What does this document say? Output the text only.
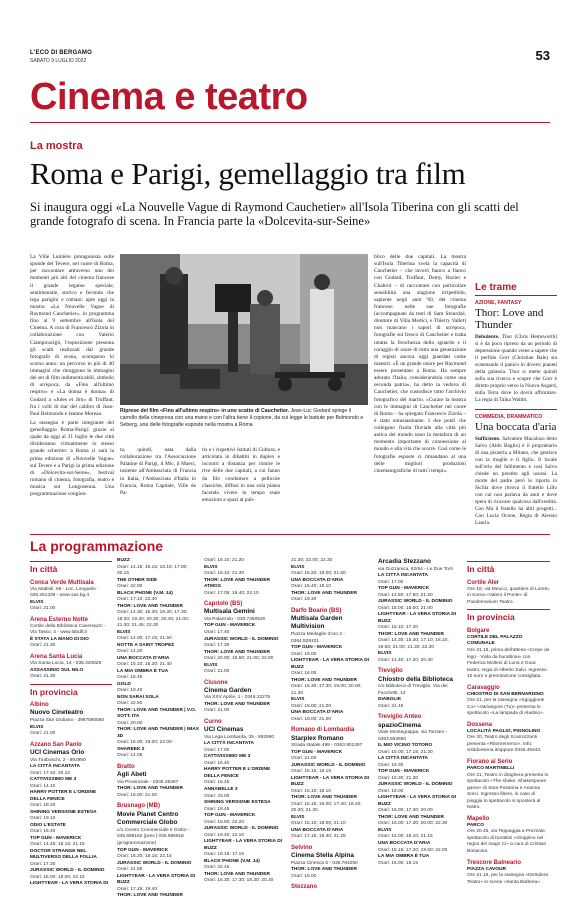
L'ECO DI BERGAMO
SABATO 9 LUGLIO 2022	53
Cinema e teatro
La mostra
Roma e Parigi, gemellaggio tra film
Si inaugura oggi «La Nouvelle Vague di Raymond Cauchetier» all'Isola Tiberina con gli scatti del grande fotografo di scena. In Francia parte la «Dolcevita-sur-Seine»

La Ville Lumière protagonista sulle sponde del Tevere, nel cuore di Roma, per raccontare attraverso uno dei momenti più alti del cinema francese il grande legame speciale, sentimentale, storico e fecondo che lega parigini e romani: apre oggi la mostra «La Nouvelle Vague di Raymond Cauchetier», in programma fino al 9 settembre all'Isola del Cinema. A cura di Francesco Zizola in collaborazione con Valerio Ciampicacigli, l'esposizione presenta gli scatti realizzati dal grande fotografo di scena, scomparso lo scorso anno: un percorso in più di 40 immagini che ritraggono le immagini dei set di film indimenticabili, simbolo di un'epoca, da «Fino all'ultimo respiro» e «La donna è donna» di Godard a «Jules et Jim» di Truffaut, fra i volti di star del calibro di Jean-Paul Belmondo e Jeanne Moreau.

La rassegna è parte integrante del gemellaggio Roma-Parigi: grazie al quale da oggi al 31 luglio le due città divideranno virtualmente lo stesso grande schermo: a Roma ci sarà la prima edizione di «Nouvelle Vague» sul Tevere e a Parigi la prima edizione di «Dolcevita-sur-Seine», festival romano di cinema, fotografia, teatro e musica sul Lungosenna. Una programmazione congiun-

Riprese del film «Fino all'ultimo respiro» in uno scatto di Cauchetier. Jean-Luc Godard spinge il carrello della cinepresa con una mano e con l'altra tiene il copione, da cui legge le battute per Belmondo e Seberg, una delle fotografie esposte nella mostra a Roma

ta, quindi, nata dalla collaborazione tra l'Associazione Palatine di Parigi, il Mic, il Maeci, insieme all'Ambasciata di Francia in Italia, l'Ambasciata d'Italia in Francia, Roma Capitale, Ville de Pa-

ris e i rispettivi Istituti di Cultura, e articolata in dibattiti in duplex e incontri a distanza per riunire le rive delle due capitali, a cui fanno da filo conduttore a pellicole classiche, diffusi in una sola platea facendo vivere in tempo reale emozioni e spazi al pub-

blico delle due capitali. La mostra sull'Isola Tiberina svela la capacità di Cauchetier – che lavorò fianco a fianco con Godard, Truffaut, Demy, Rozier e Chabrol – di raccontare con particolare sensibilità una stagione irripetibile, sapiente negli anni '60, del cinema francese: nelle sue fotografie (accompagnate da testi di Sam Stourdzé, direttore di Villa Medici, e Thierry Vallet) non mancano i sapori di un'epoca, fotografie sul fresco di Cauchetier e tratta intatta la freschezza dello sguardo e il coraggio di osare di tutta una generazione di registi ancora oggi guardati come maestri. «È un grande onore per Raymond essere presentato a Roma. Ha sempre adorato l'Italia, considerandola come una seconda patria», ha detto la vedova di Cauchetier, che custodisce tutto l'archivio fotografico del marito. «Curare la mostra con le immagini di Cauchetier nel cuore di Roma – ha spiegato Francesco Zizola – è stato entusiasmante. I due ponti che collegano l'isola fluviale alla città più antica del mondo sono la metafora di un momento importante di connessione al mondo e alla vita che scorre. Così come le fotografie esposte ci rimandano al una delle migliori produzioni cinematografiche di tutti i tempi».

Le trame
AZIONE, FANTASY
Thor: Love and Thunder
Deludente. Thor (Chris Hemsworth) si è da poco ripreso da un periodo di depressione quando viene a sapere che il perfido Gorr (Christian Bale) sta scatenando il panico in diversi pianeti della galassia. Thor si mette quindi sulla sua ricerca e scopre che Gorr è diretto proprio verso la Nuova Asgard, sulla Terra dove lo dovrà affrontare. La regia di Taika Waititi.
COMMEDIA, DRAMMATICO
Una boccata d'aria
Sufficiente. Salvatore Macaluso detto Salvo (Aldo Baglio) è il proprietario di una pizzeria a Milano, che gestisce con la moglie e il figlio. Il locale sull'orlo del fallimento e così Salvo chiede un prestito agli usurai. La morte del padre però lo riporta in Sicilia dove ritrova il fratello Lillo con cui non parlava da anni e dove spera di ricavare qualcosa dall'eredità. Con Ma il fratello ha altri progetti... Con Lucia Ocone, Regia di Alessio Lauria.
La programmazione
In città
Conca Verde Multisala
Via Mattioli, 65 - Loc. Longuelo - 035.251339 - www.sas.bg.it
ELVIS
Orari: 21.00
Arena Esterno Notte
Cortile della Biblioteca Caversazzi - Via Tasso, 4 - www.labdif.it
È STATA LA MANO DI DIO
Orari: 21.30
Arena Santa Lucia
Via Santa Lucia, 14 - 035.320828
ASSASSINIO SUL NILO
Orari: 21.30
In provincia
Albino
Nuovo Cineteatro
Piazza San Giuliano - 3987590560
ELVIS
Orari: 21.00
Azzano San Paolo
UCI Cinemas Orio
Via Tiraboschi, 2 - 892960
LA CITTÀ INCANTATA
Orari: 17.40; 20.10
CATTIVISSIMO ME 3
Orari: 14.10
HARRY POTTER E L'ORDINE DELLA FENICE
Orari: 19.20
SHINING VERSIONE ESTESA
Orari: 19.10
ODIO L'ESTATE
Orari: 16.40
TOP GUN - MAVERICK
Orari: 14.45; 18.15; 21.15
DOCTOR STRANGE NEL MULTIVERSO DELLA FOLLIA
Orari: 17.30
JURASSIC WORLD - IL DOMINIO
Orari: 15.00; 18.00; 22.15
LIGHTYEAR - LA VERA STORIA DI
BUZZ
Orari: 14.15; 15.15; 16.15; 17.00; 20.15
THE OTHER SIDE
Orari: 22.00
BLACK PHONE (V.M. 14)
Orari: 17.10; 22.40
THOR: LOVE AND THUNDER
Orari: 14.30; 15.30; 16.30; 17.30; 18.30; 19.30; 20.30; 20.45; 21.00; 21.30; 21.45; 22.30
ELVIS
Orari: 14.00; 17.15; 21.50
NOTTE A SAINT TROPEZ
Orari: 14.20
UNA BOCCATA D'ARIA
Orari: 15.10; 16.30; 21.40
LA MIA OMBRA È TUA
Orari: 15.45
GOLD
Orari: 19.40
NON SARAI SOLA
Orari: 22.50
THOR: LOVE AND THUNDER | V.O.
SOTT. ITA
Orari: 20.00
THOR: LOVE AND THUNDER | IMAX 3D
Orari: 16.00; 19.00; 22.00
SHAREEK 2
Orari: 14.05
Bratto
Agli Abeti
Via Provinciale - 0346.36397
THOR: LOVE AND THUNDER
Orari: 16.00; 21.00
Brusnago (MB)
Movie Planet Centro Commerciale Globo
c/o Centro Commerciale Il Globo - 035.695182 (prev.) 035.695816 (programmazione)
TOP GUN - MAVERICK
Orari: 16.20; 18.15; 22.15
JURASSIC WORLD - IL DOMINIO
Orari: 21.55
LIGHTYEAR - LA VERA STORIA DI BUZZ
Orari: 17.15; 19.40
THOR: LOVE AND THUNDER
Orari: 16.10; 21.20
ELVIS
Orari: 18.10; 21.30
THOR: LOVE AND THUNDER ATMOS
Orari: 17.05; 19.40; 22.10
Capriolo (BS)
Multisala Gemini
Via Palazzolo - 030.7460530
TOP GUN - MAVERICK
Orari: 17.40
JURASSIC WORLD - IL DOMINIO
Orari: 17.30
THOR: LOVE AND THUNDER
Orari: 20.00; 19.50; 21.00; 22.00
ELVIS
Orari: 21.00
Clusone
Cinema Garden
Via XXV Aprile, 1 - 0346.22275
THOR: LOVE AND THUNDER
Orari: 21.00
Curno
UCI Cinemas
Via Lega Lombarda, 39 - 892960
LA CITTÀ INCANTATA
Orari: 17.00
CATTIVISSIMO ME 3
Orari: 16.40
HARRY POTTER E L'ORDINE DELLA FENICE
Orari: 16.45
ANNABELLE 3
Orari: 23.00
SHINING VERSIONE ESTESA
Orari: 18.45
TOP GUN - MAVERICK
Orari: 19.50; 22.20
JURASSIC WORLD - IL DOMINIO
Orari: 19.40; 22.10
LIGHTYEAR - LA VERA STORIA DI BUZZ
Orari: 16.15; 17.15
BLACK PHONE (V.M. 14)
Orari: 22.45
THOR: LOVE AND THUNDER
Orari: 16.30; 17.30; 18.30; 20.30
21.30; 22.00; 22.30
ELVIS
Orari: 16.20; 19.00; 21.50
UNA BOCCATA D'ARIA
Orari: 16.40; 19.10
THOR: LOVE AND THUNDER
Orari: 19.30
Darfo Boario (BS)
Multisala Garden Multivision
Piazza Medaglie d'oro 2 - 0364.529101
TOP GUN - MAVERICK
Orari: 16.00
LIGHTYEAR - LA VERA STORIA DI BUZZ
Orari: 16.00
THOR: LOVE AND THUNDER
Orari: 16.30; 17.30; 19.00; 20.00; 21.30
ELVIS
Orari: 18.00; 21.00
UNA BOCCATA D'ARIA
Orari: 19.00; 21.00
Romano di Lombardia
Starplex Romano
Strada statale 498 - 0363.901297
TOP GUN - MAVERICK
Orari: 21.00
JURASSIC WORLD - IL DOMINIO
Orari: 15.15; 18.15
LIGHTYEAR - LA VERA STORIA DI BUZZ
Orari: 15.10; 16.10
THOR: LOVE AND THUNDER
Orari: 15.15; 16.00; 17.40; 18.40; 20.30; 21.20
ELVIS
Orari: 15.10; 18.00; 21.10
UNA BOCCATA D'ARIA
Orari: 17.15; 19.30; 21.25
Selvino
Cinema Stella Alpina
Piazza Cinesca 6 - 035.764250
THOR: LOVE AND THUNDER
Orari: 16.00
Stezzano
Arcadia Stezzano
via Guzzanica, 62/64 - Le Due Torri
LA CITTÀ INCANTATA
Orari: 17.00
TOP GUN - MAVERICK
Orari: 14.50; 17.50; 21.20
JURASSIC WORLD - IL DOMINIO
Orari: 15.00; 18.00; 21.00
LIGHTYEAR - LA VERA STORIA DI BUZZ
Orari: 15.10; 17.30
THOR: LOVE AND THUNDER
Orari: 14.30; 15.30; 17.10; 18.10; 19.50; 21.00; 21.30; 22.30
ELVIS
Orari: 14.40; 17.20; 20.40
Treviglio
Chiostro della Biblioteca
c/o biblioteca di Treviglio, Via dei Facchetti, 14
DIABOLIK
Orari: 21.45
Treviglio Anteo
spazioCinema
Viale Montegrappa, via Torriani - 0363.563660
IL MIO VICINO TOTORO
Orari: 15.00; 17.15; 21.30
LA CITTÀ INCANTATA
Orari: 19.30
TOP GUN - MAVERICK
Orari: 16.30; 21.30
JURASSIC WORLD - IL DOMINIO
Orari: 16.00
LIGHTYEAR - LA VERA STORIA DI BUZZ
Orari: 15.00; 17.30; 20.00
THOR: LOVE AND THUNDER
Orari: 15.00; 17.30; 20.00; 22.30
ELVIS
Orari: 15.00; 18.10; 21.15
UNA BOCCATA D'ARIA
Orari: 15.15; 17.20; 19.50; 22.00
LA MIA OMBRA È TUA
Orari: 15.00; 19.15
In città
Cortile Aler
Ore 18, via Meucci, quartiere di Loreto, in scena «Valero il Ponte» di Pandemonium Teatro.
In provincia
Bolgare
CORTILE DEL PALAZZO COMUNALE
Ore 21.15, prima dell'attesa «Crepe de lego - Viola da burattinai» con Federica Molteni di Luna e Gnac teatro; regia di Alberto Salvi. Ingresso 10 euro e prenotazione consigliata.
Caravaggio
CHIOSTRO DI SAN BERNARDINO
Ore 21, per la rassegna «Sgoggiorie Co» «Variangore (Tu)» presenta lo spettacolo «La lampada di Aladino».
Dossena
LOCALITÀ PAGLIO, PIGNOLINO
Ore 20, Teatro degli Scarrozzanti presenta «Ritornerremo». Info: visitdossena.it/oppure 0345.49443.
Fiorano al Serio
PARCO MARTINELLI
Ore 21, Teatro in draghera presenta lo spettacolo «The shake. Shakespeare game» di Sara Posarina e Arianna Sorci. Ingresso libero, in caso di pioggia lo spettacolo si sposterà al teatro.
Mapello
PARCO
Ore 20.45, via Teppaggia a Prezzate, spettacolo di burattini «Gioppino nel regno del mago Ci» a cura di Cristian Bonacina.
Trescore Balneario
PIAZZA CAVOUR
Ore 21.15, per la rassegna «DeSidera Teatro» in scena «Santa Barbera».
